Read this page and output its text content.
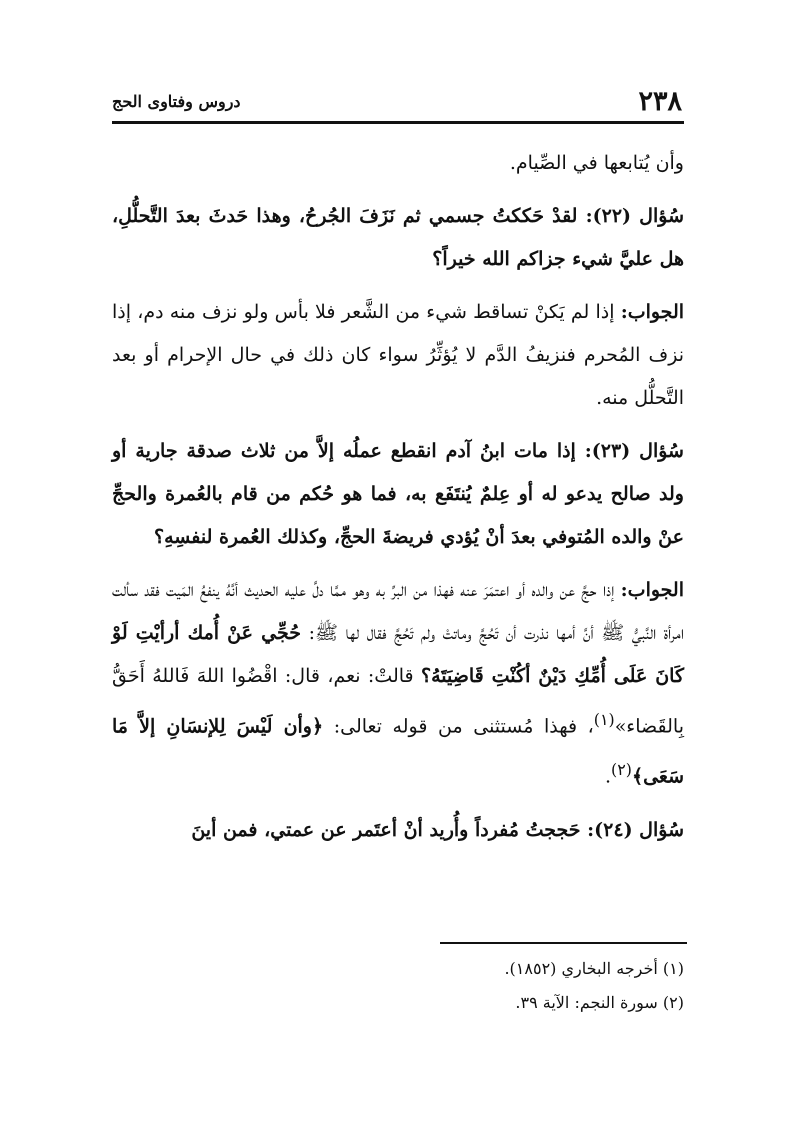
٢٣٨
دروس وفتاوى الحج

وأن يُتابعها في الصِّيام.

سُؤال (٢٢): لقدْ حَككتُ جسمي ثم نَزَفَ الجُرحُ، وهذا حَدثَ بعدَ التَّحلُّلِ، هل عليَّ شيء جزاكم الله خيراً؟

الجواب: إذا لم يَكنْ تساقط شيء من الشَّعر فلا بأس ولو نزف منه دم، إذا نزف المُحرم فنزيفُ الدَّم لا يُؤثِّرُ سواء كان ذلك في حال الإحرام أو بعد التَّحلُّل منه.

سُؤال (٢٣): إذا مات ابنُ آدم انقطع عملُه إلاَّ من ثلاث صدقة جارية أو ولد صالح يدعو له أو عِلمٌ يُنتَفَع به، فما هو حُكم من قام بالعُمرة والحجِّ عنْ والده المُتوفي بعدَ أنْ يُؤدي فريضةَ الحجِّ، وكذلك العُمرة لنفسِهِ؟

الجواب: إذا حجَّ عن والده أو اعتمَرَ عنه فهذا من البرِّ به وهو ممَّا دلَّ عليه الحديث أنَّهُ ينفعُ المَيت فقد سألت امرأة النَّبيُّ ﷺ أنَّ أمها نذرت أن تَحُجَّ وماتتْ ولم تَحُجَّ فقال لها ﷺ: حُجِّي عَنْ أُمك أرأيْتِ لَوْ كَانَ عَلَى أُمِّكِ دَيْنٌ أكُنْتِ قَاضِيَتَهُ؟ قالتْ: نعم، قال: اقْضُوا اللهَ فَاللهُ أَحَقُّ بِالقَضاء»$^{(١)}$، فهذا مُستثنى من قوله تعالى: ﴿وأن لَيْسَ لِلإنسَانِ إلاَّ مَا سَعَى﴾$^{(٢)}$.

سُؤال (٢٤): حَججتُ مُفرداً وأُريد أنْ أعتَمر عن عمتي، فمن أينَ

(١) أخرجه البخاري (١٨٥٢).
(٢) سورة النجم: الآية ٣٩.
